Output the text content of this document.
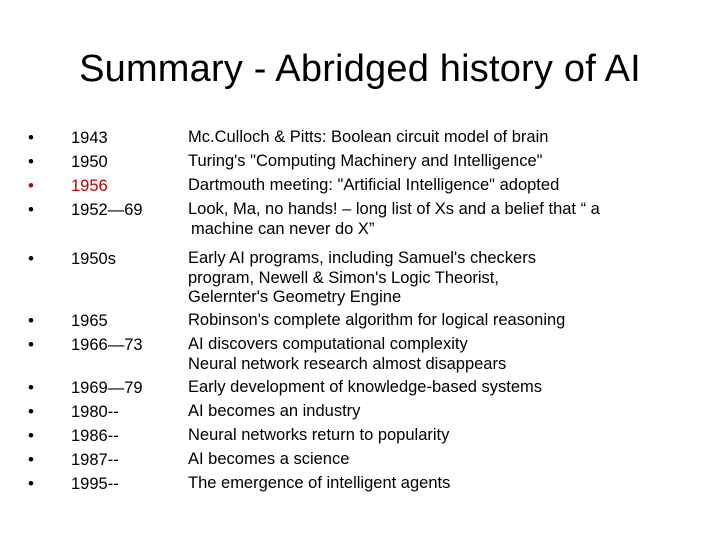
Summary - Abridged history of AI
• 1943	Mc.Culloch & Pitts: Boolean circuit model of brain
• 1950	Turing's "Computing Machinery and Intelligence"
• 1956	Dartmouth meeting: "Artificial Intelligence" adopted
• 1952—69	Look, Ma, no hands! – long list of Xs and a belief that “ a
machine can never do X”
• 1950s	Early AI programs, including Samuel's checkers
program, Newell & Simon's Logic Theorist,
Gelernter's Geometry Engine
• 1965	Robinson's complete algorithm for logical reasoning
• 1966—73	AI discovers computational complexity
Neural network research almost disappears
• 1969—79	Early development of knowledge-based systems
• 1980--	AI becomes an industry
• 1986--	Neural networks return to popularity
• 1987--	AI becomes a science
• 1995--	The emergence of intelligent agents
